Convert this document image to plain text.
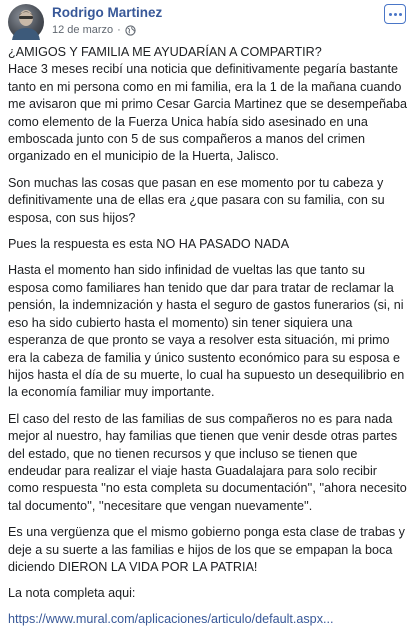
Rodrigo Martinez
12 de marzo ·

¿AMIGOS Y FAMILIA ME AYUDARÍAN A COMPARTIR?
Hace 3 meses recibí una noticia que definitivamente pegaría bastante tanto en mi persona como en mi familia, era la 1 de la mañana cuando me avisaron que mi primo Cesar Garcia Martinez que se desempeñaba como elemento de la Fuerza Unica había sido asesinado en una emboscada junto con 5 de sus compañeros a manos del crimen organizado en el municipio de la Huerta, Jalisco.

Son muchas las cosas que pasan en ese momento por tu cabeza y definitivamente una de ellas era ¿que pasara con su familia, con su esposa, con sus hijos?

Pues la respuesta es esta NO HA PASADO NADA

Hasta el momento han sido infinidad de vueltas las que tanto su esposa como familiares han tenido que dar para tratar de reclamar la pensión, la indemnización y hasta el seguro de gastos funerarios (si, ni eso ha sido cubierto hasta el momento) sin tener siquiera una esperanza de que pronto se vaya a resolver esta situación, mi primo era la cabeza de familia y único sustento económico para su esposa e hijos hasta el día de su muerte, lo cual ha supuesto un desequilibrio en la economía familiar muy importante.

El caso del resto de las familias de sus compañeros no es para nada mejor al nuestro, hay familias que tienen que venir desde otras partes del estado, que no tienen recursos y que incluso se tienen que endeudar para realizar el viaje hasta Guadalajara para solo recibir como respuesta ''no esta completa su documentación'', ''ahora necesito tal documento'', ''necesitare que vengan nuevamente''.

Es una vergüenza que el mismo gobierno ponga esta clase de trabas y deje a su suerte a las familias e hijos de los que se empapan la boca diciendo DIERON LA VIDA POR LA PATRIA!

La nota completa aqui:

https://www.mural.com/aplicaciones/articulo/default.aspx...
